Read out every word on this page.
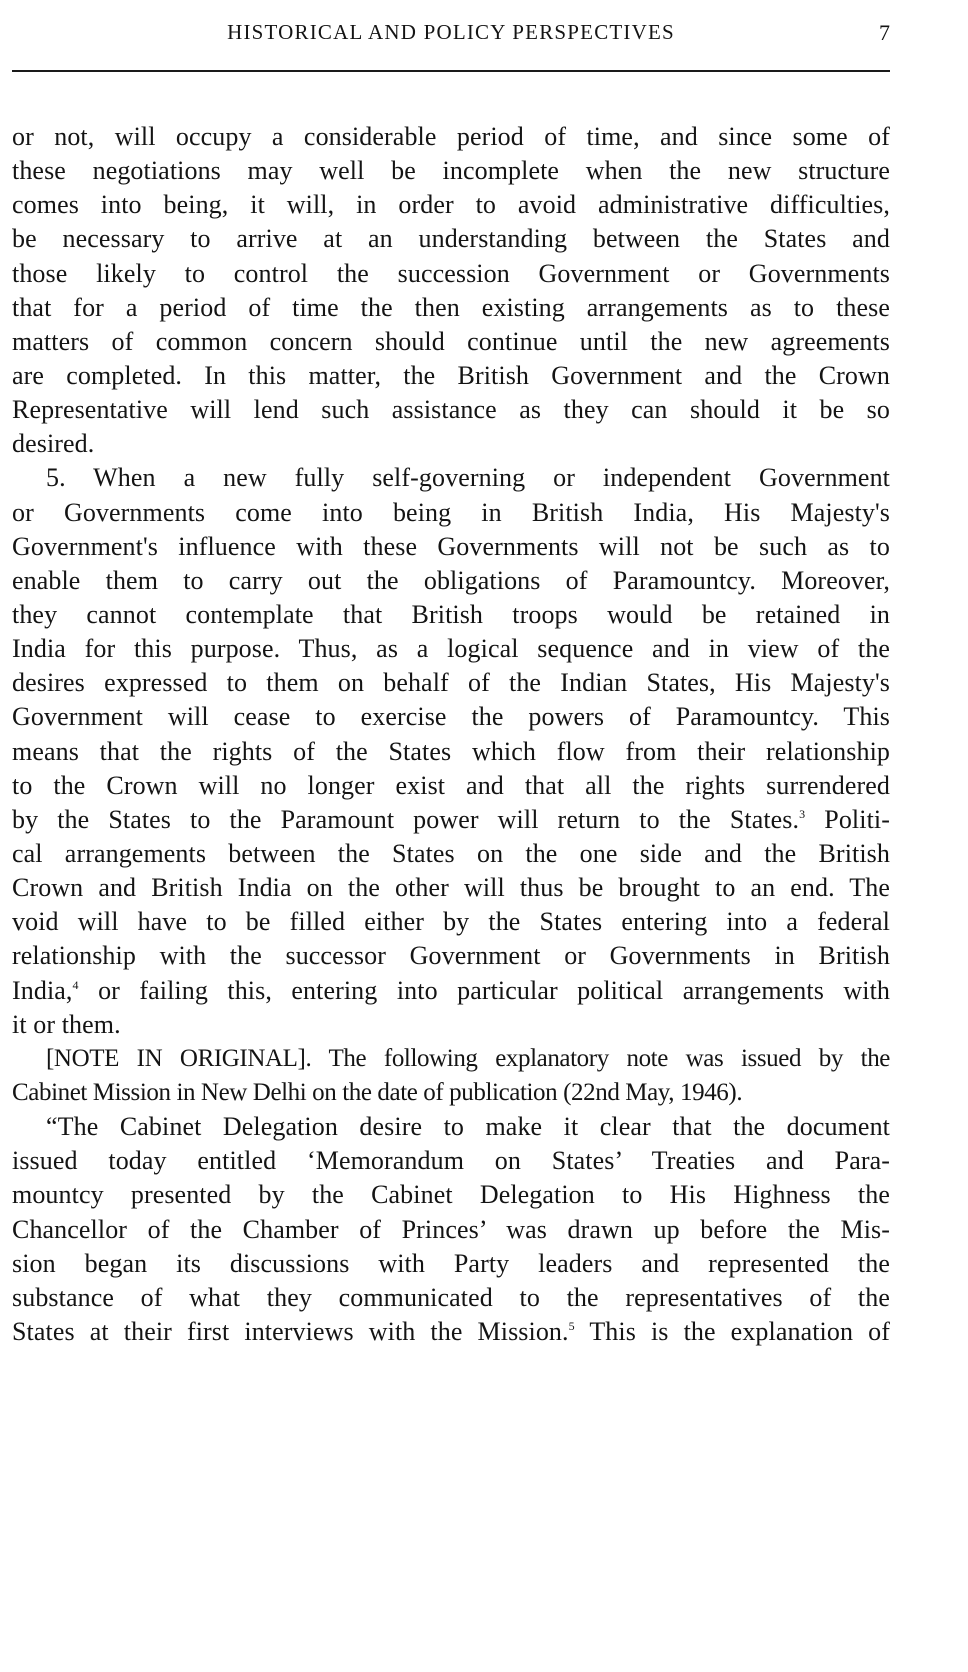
HISTORICAL AND POLICY PERSPECTIVES	7
or not, will occupy a considerable period of time, and since some of
these negotiations may well be incomplete when the new structure
comes into being, it will, in order to avoid administrative difficulties,
be necessary to arrive at an understanding between the States and
those likely to control the succession Government or Governments
that for a period of time the then existing arrangements as to these
matters of common concern should continue until the new agreements
are completed. In this matter, the British Government and the Crown
Representative will lend such assistance as they can should it be so
desired.
5. When a new fully self-governing or independent Government
or Governments come into being in British India, His Majesty's
Government's influence with these Governments will not be such as to
enable them to carry out the obligations of Paramountcy. Moreover,
they cannot contemplate that British troops would be retained in
India for this purpose. Thus, as a logical sequence and in view of the
desires expressed to them on behalf of the Indian States, His Majesty's
Government will cease to exercise the powers of Paramountcy. This
means that the rights of the States which flow from their relationship
to the Crown will no longer exist and that all the rights surrendered
by the States to the Paramount power will return to the States.$^3$ Politi-
cal arrangements between the States on the one side and the British
Crown and British India on the other will thus be brought to an end. The
void will have to be filled either by the States entering into a federal
relationship with the successor Government or Governments in British
India,$^4$ or failing this, entering into particular political arrangements with
it or them.
[NOTE IN ORIGINAL]. The following explanatory note was issued by the
Cabinet Mission in New Delhi on the date of publication (22nd May, 1946).
“The Cabinet Delegation desire to make it clear that the document
issued today entitled ‘Memorandum on States’ Treaties and Para-
mountcy presented by the Cabinet Delegation to His Highness the
Chancellor of the Chamber of Princes’ was drawn up before the Mis-
sion began its discussions with Party leaders and represented the
substance of what they communicated to the representatives of the
States at their first interviews with the Mission.$^5$ This is the explanation of
